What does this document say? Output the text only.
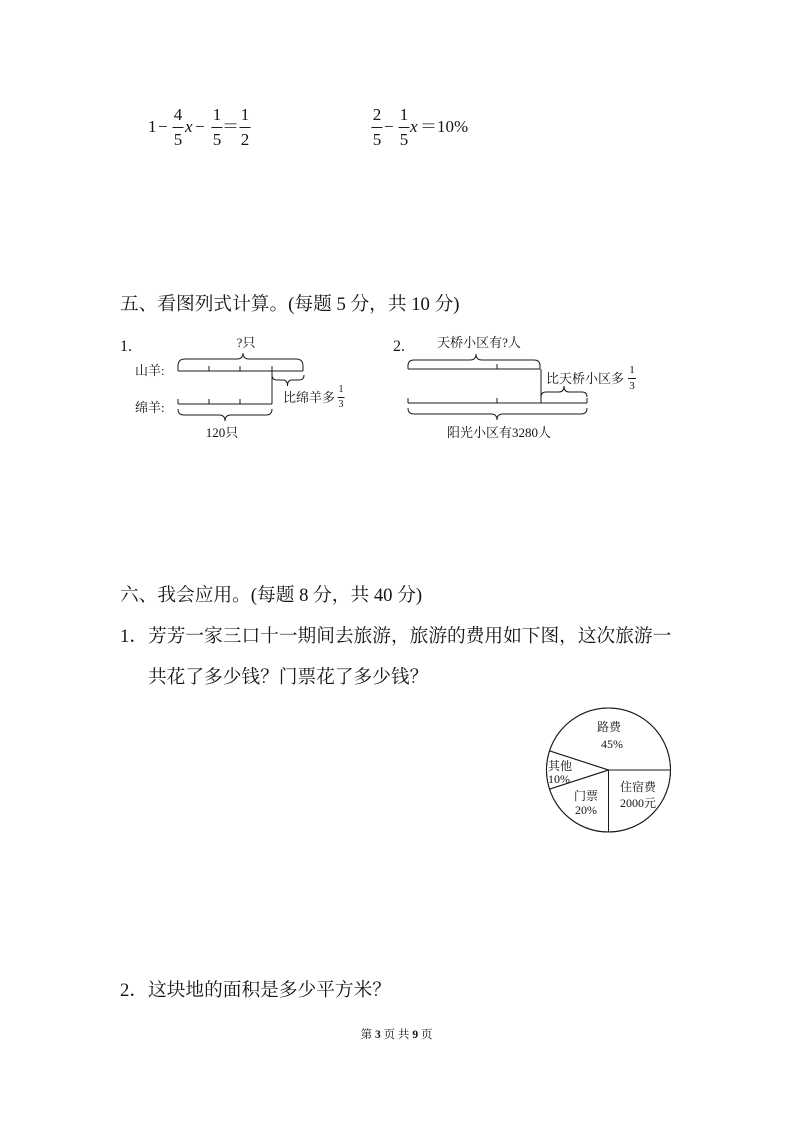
1 −
4
5
x −
1
5
＝
1
2
2
5
−
1
5
x ＝ 10%
五、看图列式计算。(每题 5 分，共 10 分)
1.	?只
山羊:
绵羊:
120只
比绵羊多
1
3
2. 天桥小区有?人
比天桥小区多
1
3
阳光小区有3280人
六、我会应用。(每题 8 分，共 40 分)
1．芳芳一家三口十一期间去旅游，旅游的费用如下图，这次旅游一
共花了多少钱？门票花了多少钱？
住宿费
2000元
门票
20%
其他
10%
路费
45%
2．这块地的面积是多少平方米？
第 3 页 共 9 页
